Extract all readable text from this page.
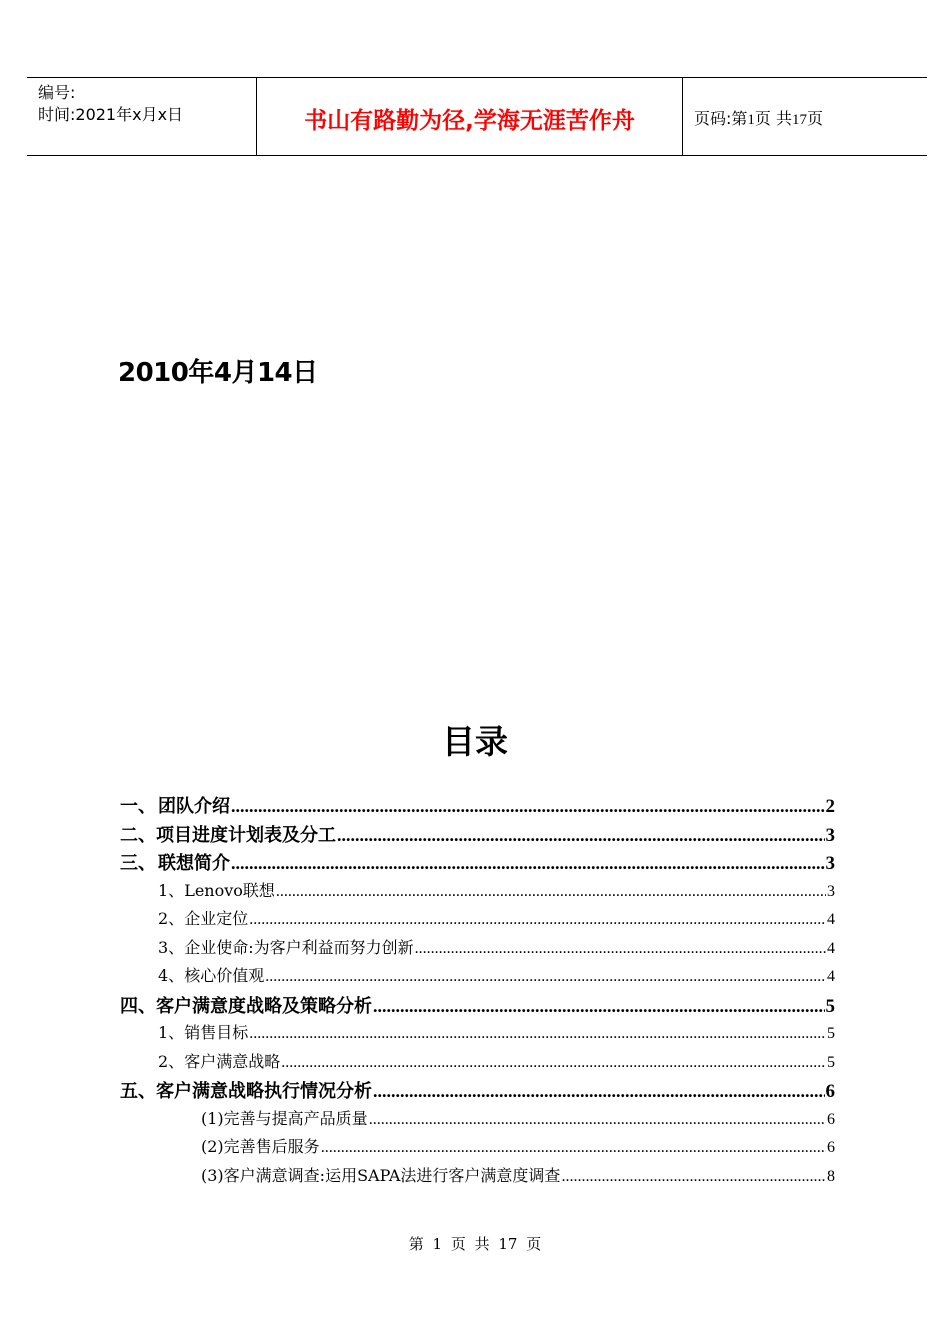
编号:
时间:2021年x月x日	书山有路勤为径,学海无涯苦作舟	页码:第1页 共17页
2010年4月14日
目录
一、 团队介绍 .....	2
二、 项目进度计划表及分工 .....	3
三、 联想简介 .....	3
1、 Lenovo联想 .....	3
2、 企业定位 .....	4
3、 企业使命:为客户利益而努力创新 .....	4
4、 核心价值观 .....	4
四、 客户满意度战略及策略分析 .....	5
1、 销售目标 .....	5
2、 客户满意战略 .....	5
五、 客户满意战略执行情况分析 .....	6
(1) 完善与提高产品质量 .....	6
(2) 完善售后服务 .....	6
(3) 客户满意调查:运用SAPA法进行客户满意度调查 .....	8
第 1 页 共 17 页
